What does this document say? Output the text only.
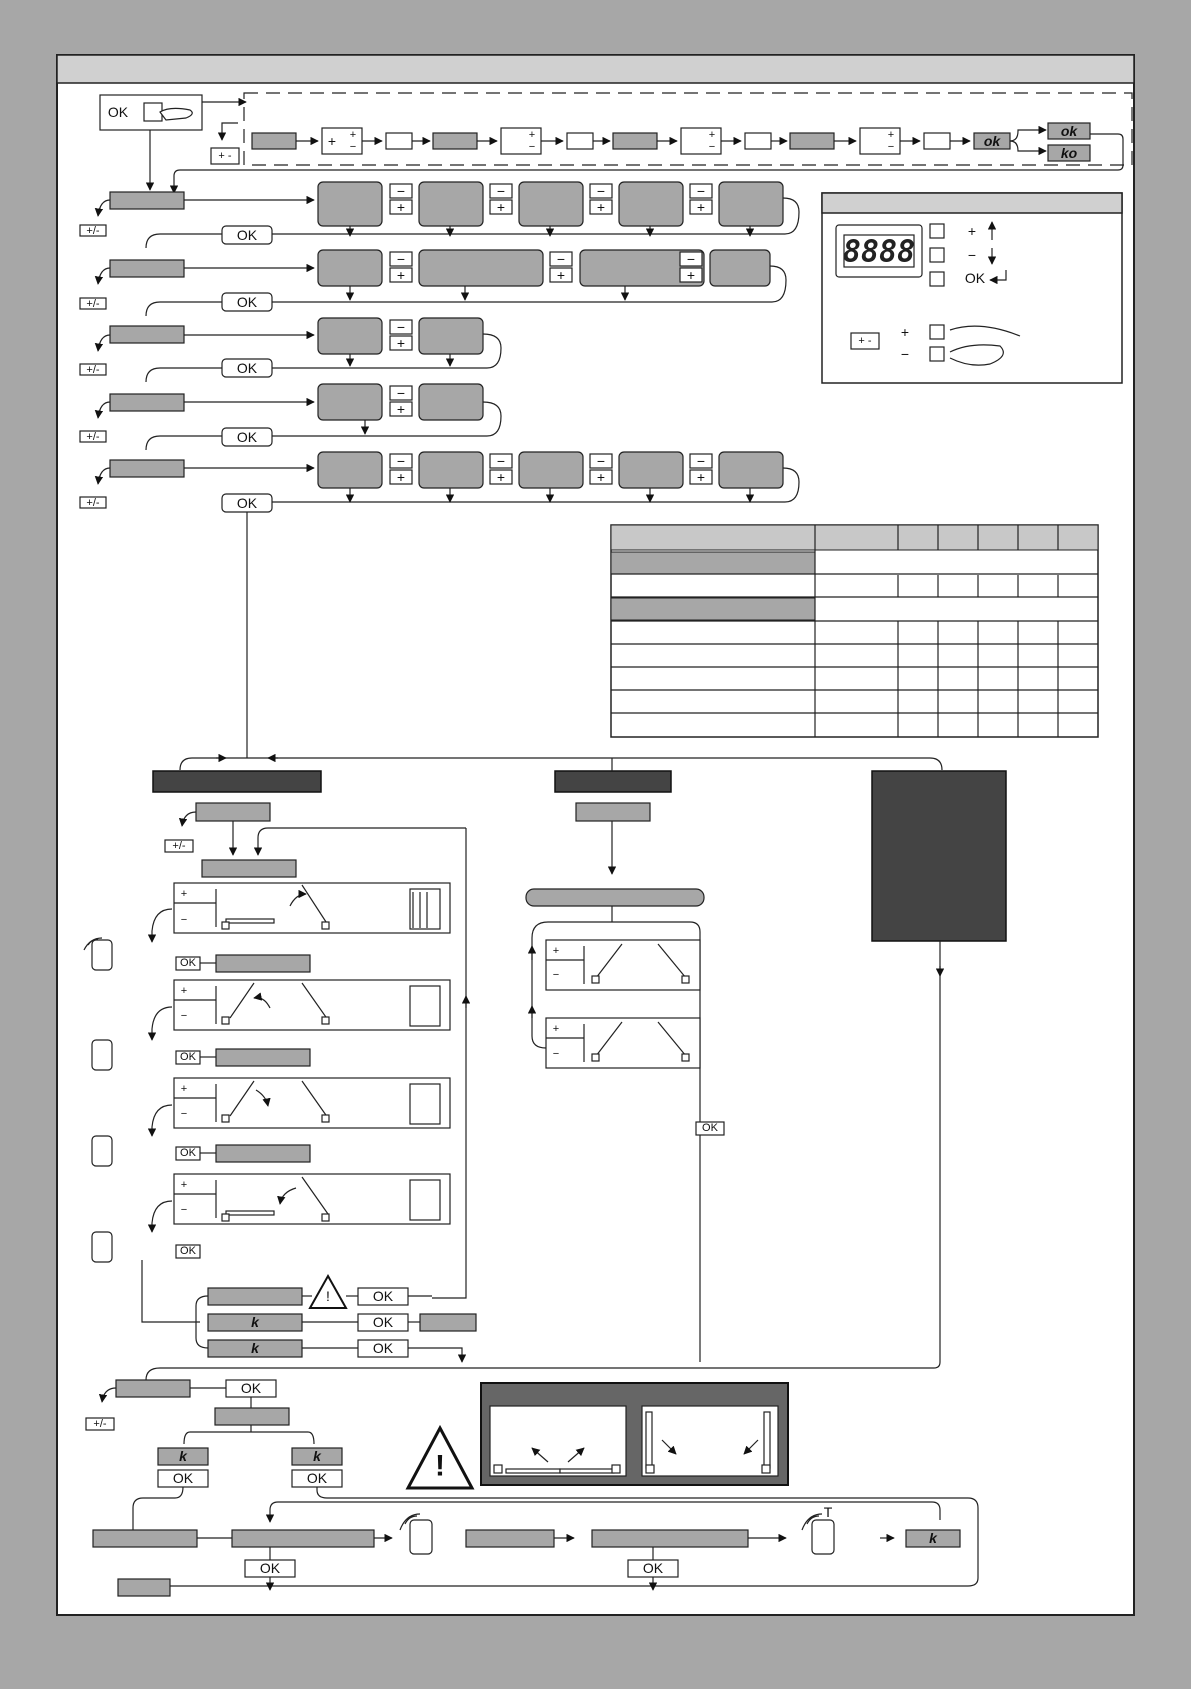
OK
+ -
+ +
−
+
−
+
−
+
−	ok
ok
ko
+/-
−
+
−
+
−
+
−
+
OK
+/-
−
+
−
+
−
+
OK
+/-
−
+
OK
+/-
−
+
OK
+/-
−
+
−
+
−
+
−
+
OK
8888
+
−
OK
+ -
+
−
+/-
+
−
OK
+
−
OK
+
−
OK
+
−
OK
!	OK
k	OK
k	OK
+
−
+
−
OK
+/-
OK
k	k
OK	OK	!
T
k
OK	OK
